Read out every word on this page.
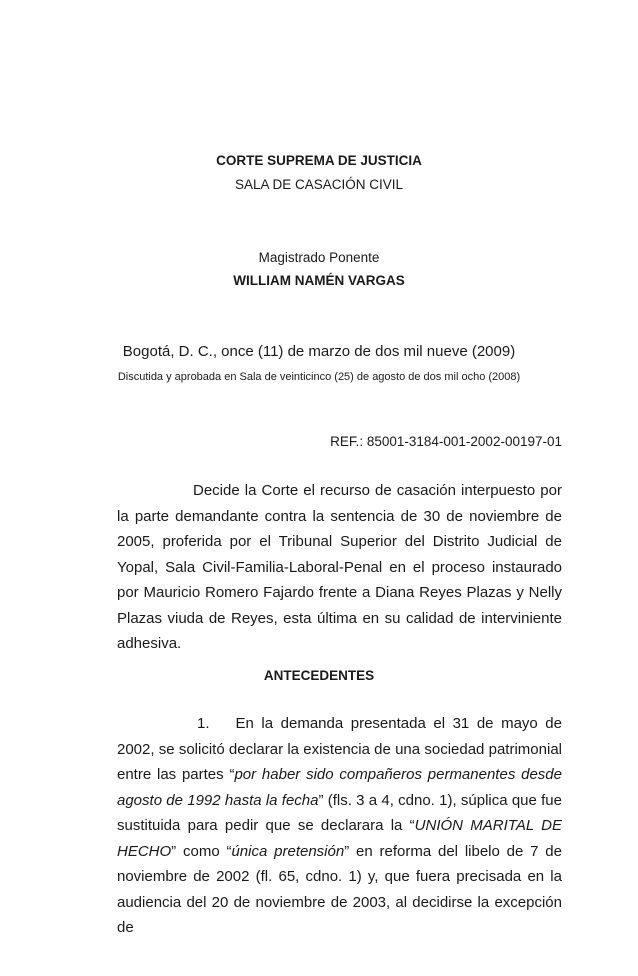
CORTE SUPREMA DE JUSTICIA
SALA DE CASACIÓN CIVIL
Magistrado Ponente
WILLIAM NAMÉN VARGAS
Bogotá, D. C., once (11) de marzo de dos mil nueve (2009)
Discutida y aprobada en Sala de veinticinco (25) de agosto de dos mil ocho (2008)
REF.: 85001-3184-001-2002-00197-01
Decide la Corte el recurso de casación interpuesto por la parte demandante contra la sentencia de 30 de noviembre de 2005, proferida por el Tribunal Superior del Distrito Judicial de Yopal, Sala Civil-Familia-Laboral-Penal en el proceso instaurado por Mauricio Romero Fajardo frente a Diana Reyes Plazas y Nelly Plazas viuda de Reyes, esta última en su calidad de interviniente adhesiva.
ANTECEDENTES
1. En la demanda presentada el 31 de mayo de 2002, se solicitó declarar la existencia de una sociedad patrimonial entre las partes “por haber sido compañeros permanentes desde agosto de 1992 hasta la fecha” (fls. 3 a 4, cdno. 1), súplica que fue sustituida para pedir que se declarara la “UNIÓN MARITAL DE HECHO” como “única pretensión” en reforma del libelo de 7 de noviembre de 2002 (fl. 65, cdno. 1) y, que fuera precisada en la audiencia del 20 de noviembre de 2003, al decidirse la excepción de
